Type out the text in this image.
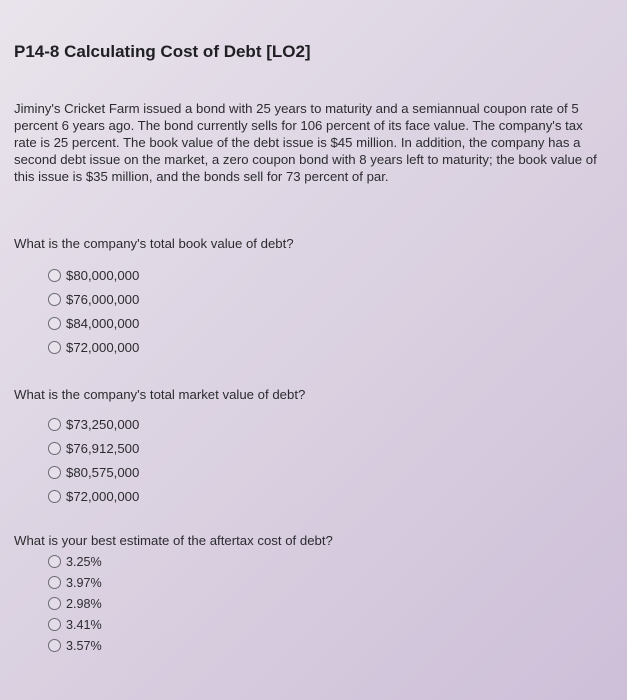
P14-8 Calculating Cost of Debt [LO2]

Jiminy's Cricket Farm issued a bond with 25 years to maturity and a semiannual coupon rate of 5 percent 6 years ago. The bond currently sells for 106 percent of its face value. The company's tax rate is 25 percent. The book value of the debt issue is $45 million. In addition, the company has a second debt issue on the market, a zero coupon bond with 8 years left to maturity; the book value of this issue is $35 million, and the bonds sell for 73 percent of par.

What is the company's total book value of debt?

$80,000,000
$76,000,000
$84,000,000
$72,000,000

What is the company's total market value of debt?

$73,250,000
$76,912,500
$80,575,000
$72,000,000

What is your best estimate of the aftertax cost of debt?

3.25%
3.97%
2.98%
3.41%
3.57%
